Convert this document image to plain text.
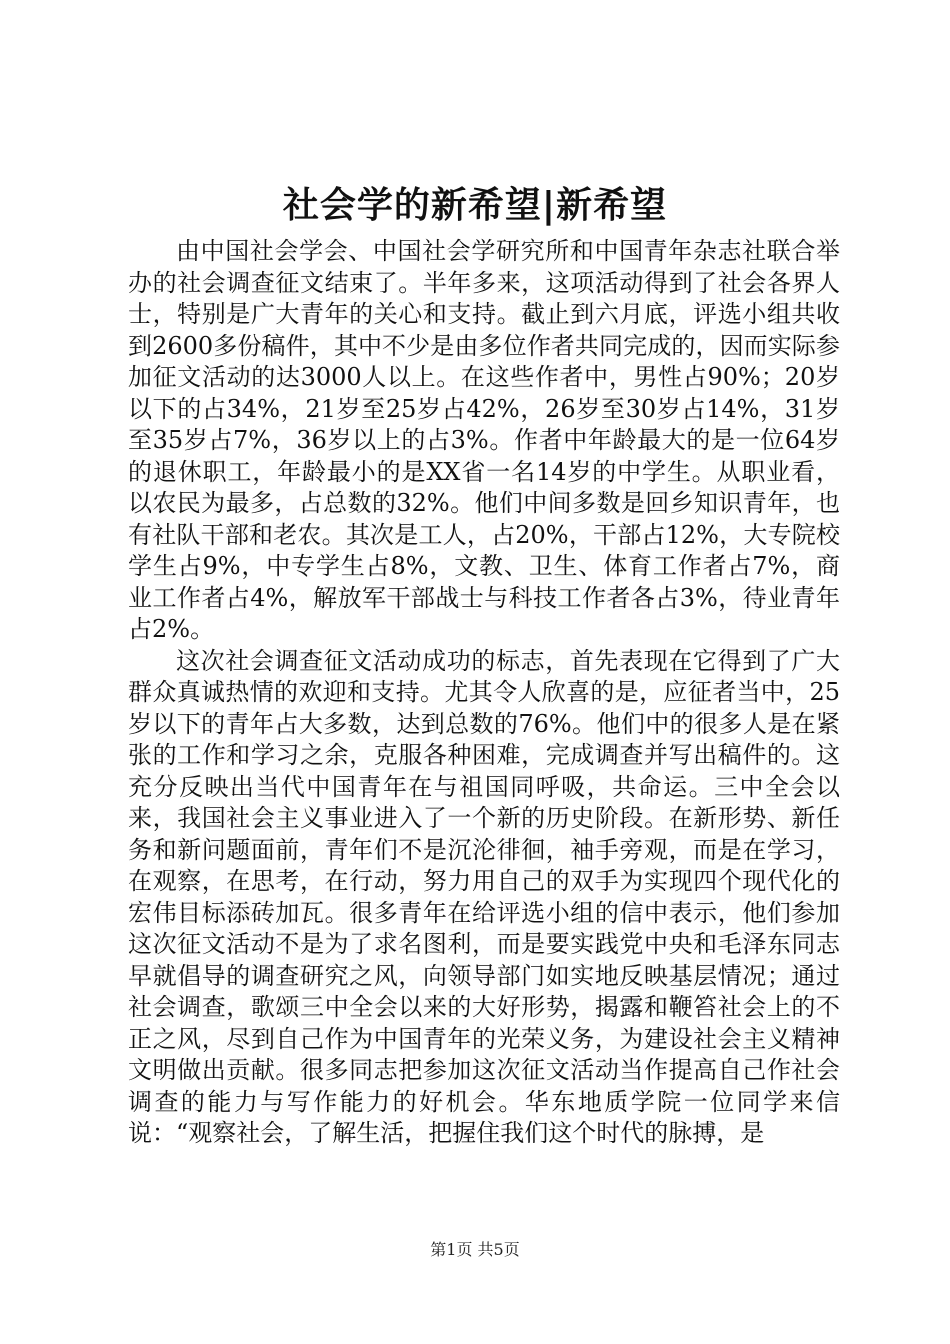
社会学的新希望|新希望

由中国社会学会、中国社会学研究所和中国青年杂志社联合举办的社会调查征文结束了。半年多来，这项活动得到了社会各界人士，特别是广大青年的关心和支持。截止到六月底，评选小组共收到2600多份稿件，其中不少是由多位作者共同完成的，因而实际参加征文活动的达3000人以上。在这些作者中，男性占90%；20岁以下的占34%，21岁至25岁占42%，26岁至30岁占14%，31岁至35岁占7%，36岁以上的占3%。作者中年龄最大的是一位64岁的退休职工，年龄最小的是XX省一名14岁的中学生。从职业看，以农民为最多，占总数的32%。他们中间多数是回乡知识青年，也有社队干部和老农。其次是工人，占20%，干部占12%，大专院校学生占9%，中专学生占8%，文教、卫生、体育工作者占7%，商业工作者占4%，解放军干部战士与科技工作者各占3%，待业青年占2%。

这次社会调查征文活动成功的标志，首先表现在它得到了广大群众真诚热情的欢迎和支持。尤其令人欣喜的是，应征者当中，25岁以下的青年占大多数，达到总数的76%。他们中的很多人是在紧张的工作和学习之余，克服各种困难，完成调查并写出稿件的。这充分反映出当代中国青年在与祖国同呼吸，共命运。三中全会以来，我国社会主义事业进入了一个新的历史阶段。在新形势、新任务和新问题面前，青年们不是沉沦徘徊，袖手旁观，而是在学习，在观察，在思考，在行动，努力用自己的双手为实现四个现代化的宏伟目标添砖加瓦。很多青年在给评选小组的信中表示，他们参加这次征文活动不是为了求名图利，而是要实践党中央和毛泽东同志早就倡导的调查研究之风，向领导部门如实地反映基层情况；通过社会调查，歌颂三中全会以来的大好形势，揭露和鞭笞社会上的不正之风，尽到自己作为中国青年的光荣义务，为建设社会主义精神文明做出贡献。很多同志把参加这次征文活动当作提高自己作社会调查的能力与写作能力的好机会。华东地质学院一位同学来信说：“观察社会，了解生活，把握住我们这个时代的脉搏，是

第1页 共5页
